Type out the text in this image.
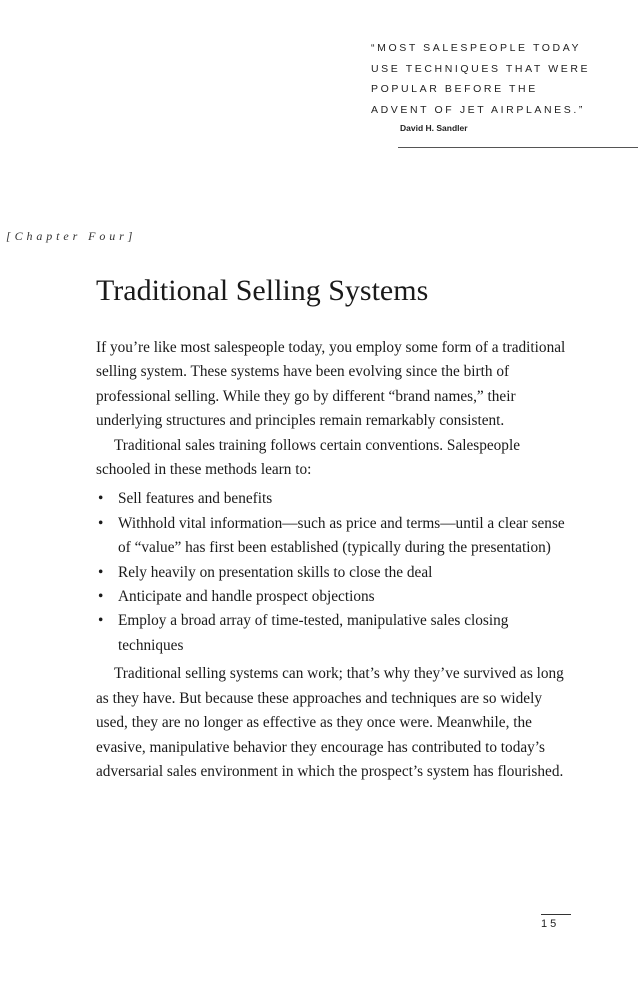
“MOST SALESPEOPLE TODAY
USE TECHNIQUES THAT WERE
POPULAR BEFORE THE
ADVENT OF JET AIRPLANES.”
David H. Sandler
[Chapter Four]
Traditional Selling Systems

If you’re like most salespeople today, you employ some form of a traditional selling system. These systems have been evolving since the birth of professional selling. While they go by different “brand names,” their underlying structures and principles remain remarkably consistent.

Traditional sales training follows certain conventions. Salespeople schooled in these methods learn to:

• Sell features and benefits
• Withhold vital information—such as price and terms—until a clear sense of “value” has first been established (typically during the presentation)
• Rely heavily on presentation skills to close the deal
• Anticipate and handle prospect objections
• Employ a broad array of time-tested, manipulative sales closing techniques

Traditional selling systems can work; that’s why they’ve survived as long as they have. But because these approaches and techniques are so widely used, they are no longer as effective as they once were. Meanwhile, the evasive, manipulative behavior they encourage has contributed to today’s adversarial sales environment in which the prospect’s system has flourished.

15
